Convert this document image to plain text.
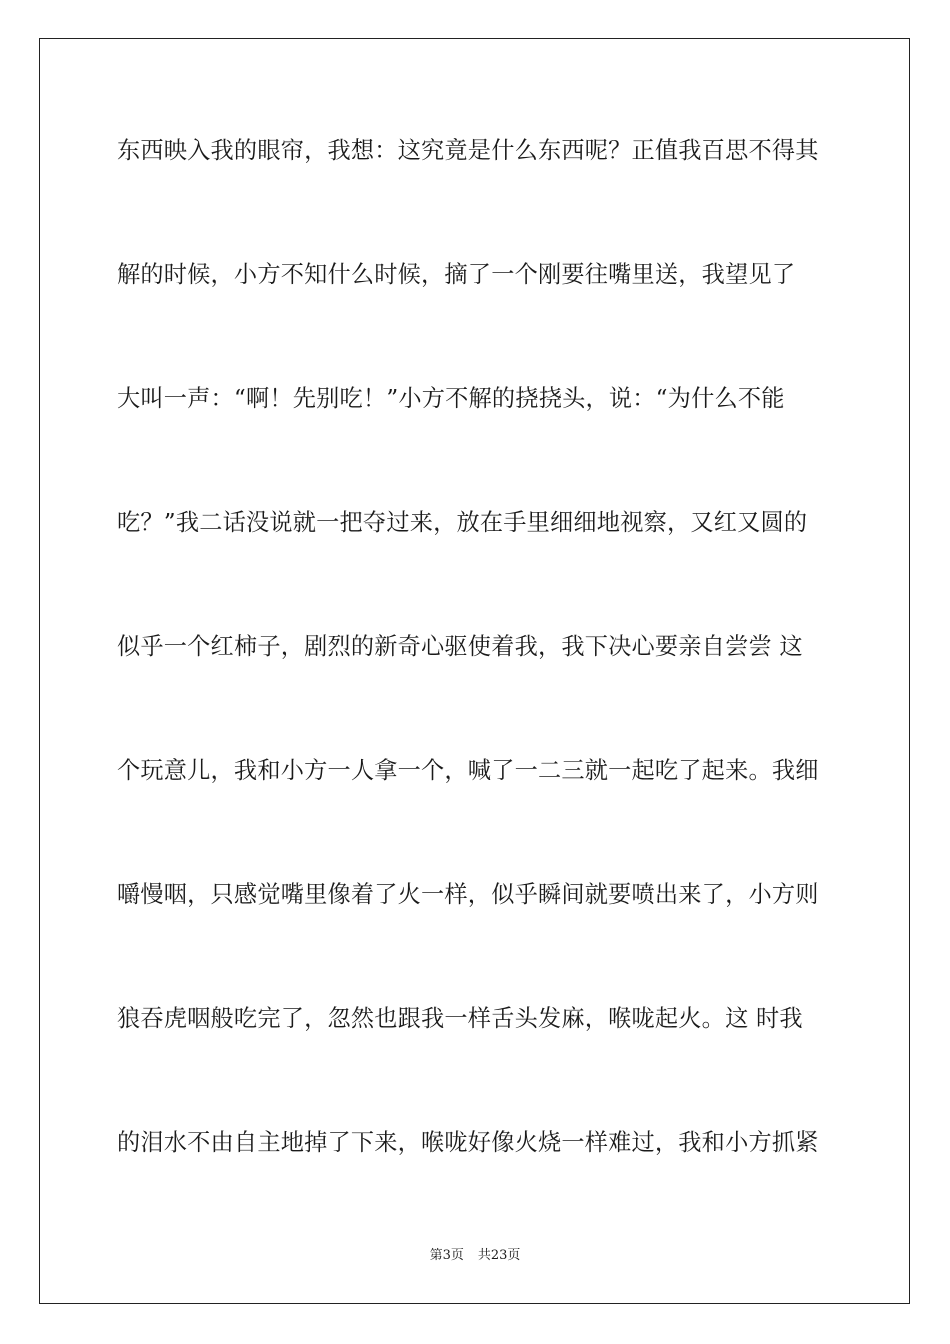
东西映入我的眼帘，我想：这究竟是什么东西呢？正值我百思不得其
解的时候，小方不知什么时候，摘了一个刚要往嘴里送，我望见了
大叫一声：“啊！先别吃！”小方不解的挠挠头，说：“为什么不能
吃？”我二话没说就一把夺过来，放在手里细细地视察，又红又圆的
似乎一个红柿子，剧烈的新奇心驱使着我，我下决心要亲自尝尝 这
个玩意儿，我和小方一人拿一个，喊了一二三就一起吃了起来。我细
嚼慢咽，只感觉嘴里像着了火一样，似乎瞬间就要喷出来了，小方则
狼吞虎咽般吃完了，忽然也跟我一样舌头发麻，喉咙起火。这 时我
的泪水不由自主地掉了下来，喉咙好像火烧一样难过，我和小方抓紧
第3页 共23页
